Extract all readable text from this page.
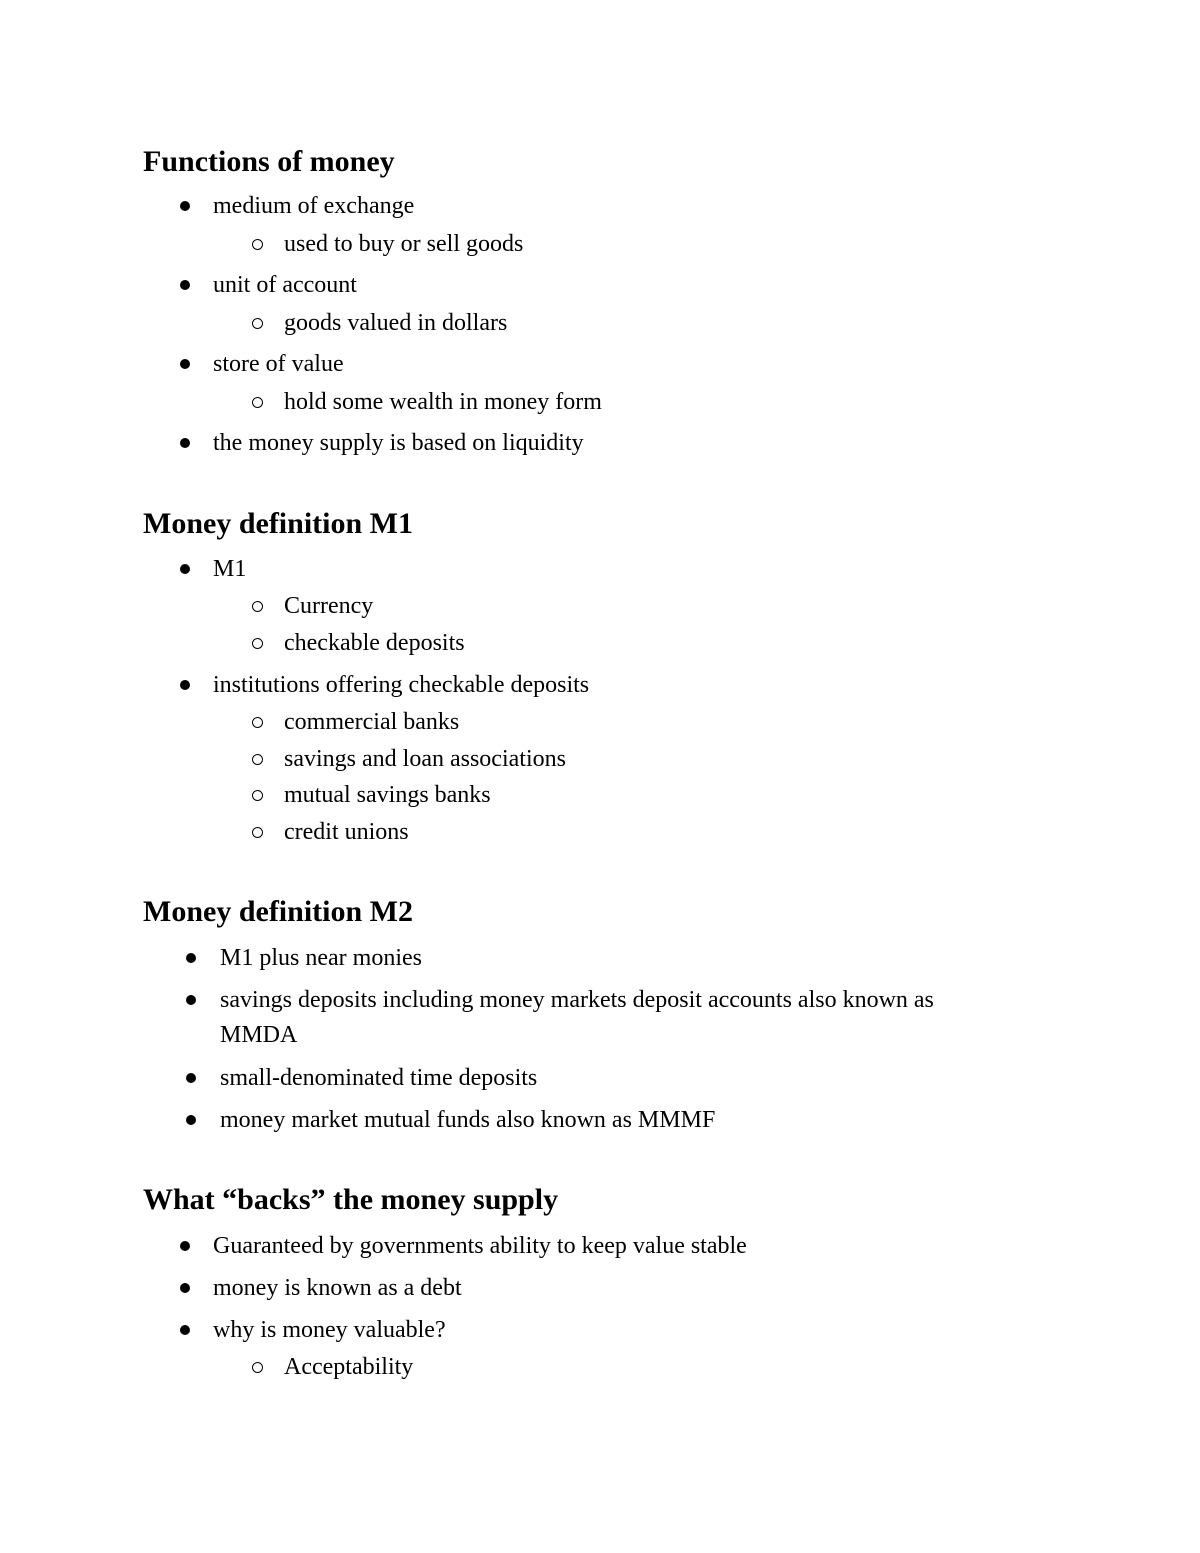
Functions of money
medium of exchange
used to buy or sell goods
unit of account
goods valued in dollars
store of value
hold some wealth in money form
the money supply is based on liquidity
Money definition M1
M1
Currency
checkable deposits
institutions offering checkable deposits
commercial banks
savings and loan associations
mutual savings banks
credit unions
Money definition M2
M1 plus near monies
savings deposits including money markets deposit accounts also known as
MMDA
small-denominated time deposits
money market mutual funds also known as MMMF
What “backs” the money supply
Guaranteed by governments ability to keep value stable
money is known as a debt
why is money valuable?
Acceptability
